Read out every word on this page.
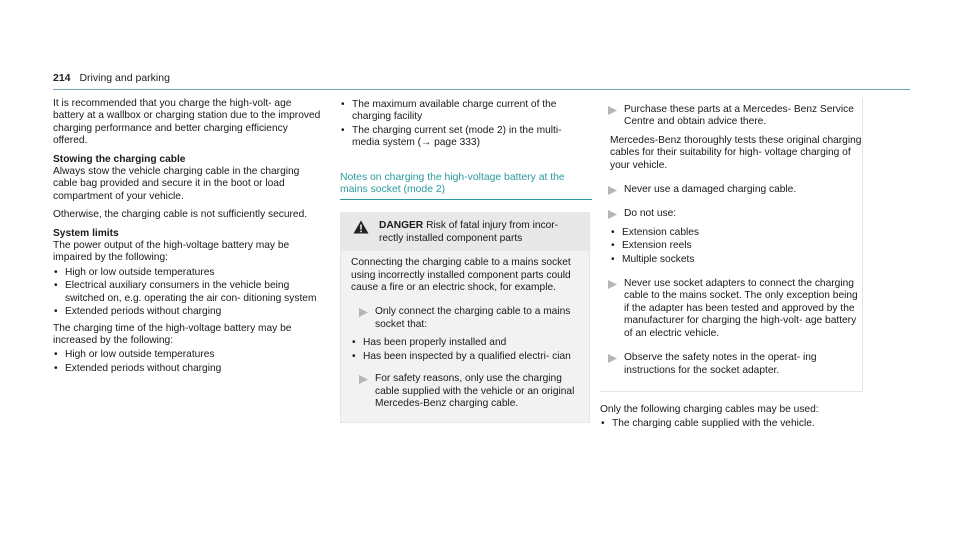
214 Driving and parking

It is recommended that you charge the high-volt- age battery at a wallbox or charging station due to the improved charging performance and better charging efficiency offered.

Stowing the charging cable

Always stow the vehicle charging cable in the charging cable bag provided and secure it in the boot or load compartment of your vehicle.

Otherwise, the charging cable is not sufficiently secured.

System limits

The power output of the high-voltage battery may be impaired by the following:

• High or low outside temperatures
• Electrical auxiliary consumers in the vehicle being switched on, e.g. operating the air con- ditioning system
• Extended periods without charging

The charging time of the high-voltage battery may be increased by the following:

• High or low outside temperatures
• Extended periods without charging
• The maximum available charge current of the charging facility
• The charging current set (mode 2) in the multi- media system (→ page 333)
Notes on charging the high-voltage battery at the mains socket (mode 2)
DANGER Risk of fatal injury from incor- rectly installed component parts

Connecting the charging cable to a mains socket using incorrectly installed component parts could cause a fire or an electric shock, for example.

Only connect the charging cable to a mains socket that:
• Has been properly installed and
• Has been inspected by a qualified electri- cian
For safety reasons, only use the charging cable supplied with the vehicle or an original Mercedes-Benz charging cable.
Purchase these parts at a Mercedes- Benz Service Centre and obtain advice there.

Mercedes-Benz thoroughly tests these original charging cables for their suitability for high- voltage charging of your vehicle.

Never use a damaged charging cable.
Do not use:
• Extension cables
• Extension reels
• Multiple sockets
Never use socket adapters to connect the charging cable to the mains socket. The only exception being if the adapter has been tested and approved by the manufacturer for charging the high-volt- age battery of an electric vehicle.
Observe the safety notes in the operat- ing instructions for the socket adapter.

Only the following charging cables may be used:

• The charging cable supplied with the vehicle.
